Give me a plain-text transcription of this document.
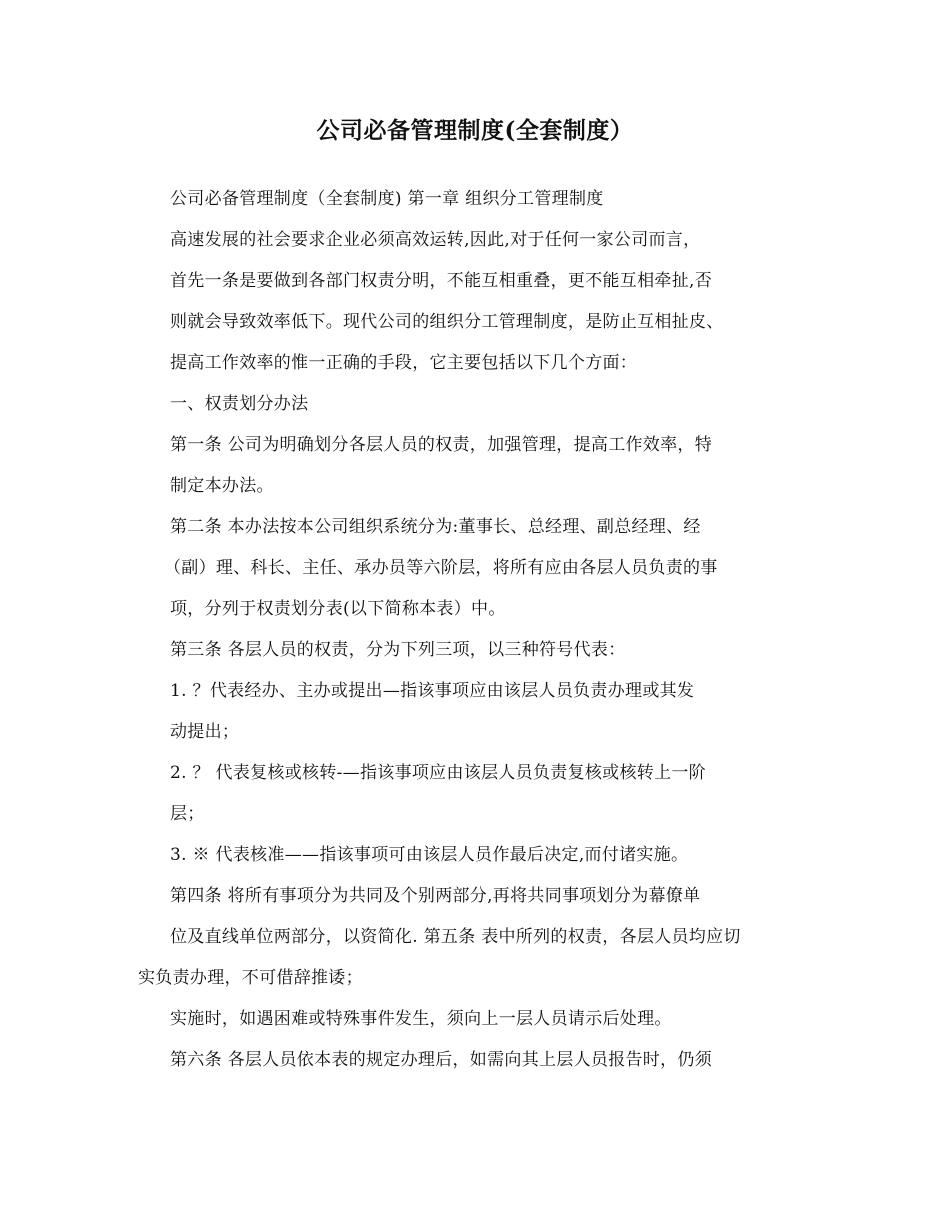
公司必备管理制度(全套制度）
公司必备管理制度（全套制度) 第一章 组织分工管理制度
高速发展的社会要求企业必须高效运转,因此,对于任何一家公司而言，
首先一条是要做到各部门权责分明，不能互相重叠，更不能互相牵扯,否
则就会导致效率低下。现代公司的组织分工管理制度，是防止互相扯皮、
提高工作效率的惟一正确的手段，它主要包括以下几个方面：
一、权责划分办法
第一条 公司为明确划分各层人员的权责，加强管理，提高工作效率，特
制定本办法。
第二条 本办法按本公司组织系统分为:董事长、总经理、副总经理、经
（副）理、科长、主任、承办员等六阶层，将所有应由各层人员负责的事
项，分列于权责划分表(以下简称本表）中。
第三条 各层人员的权责，分为下列三项，以三种符号代表：
1. ？代表经办、主办或提出—指该事项应由该层人员负责办理或其发
动提出；
2. ？ 代表复核或核转-—指该事项应由该层人员负责复核或核转上一阶
层；
3. ※ 代表核准——指该事项可由该层人员作最后决定,而付诸实施。
第四条 将所有事项分为共同及个别两部分,再将共同事项划分为幕僚单
位及直线单位两部分，以资简化. 第五条 表中所列的权责，各层人员均应切
实负责办理，不可借辞推诿；
实施时，如遇困难或特殊事件发生，须向上一层人员请示后处理。
第六条 各层人员依本表的规定办理后，如需向其上层人员报告时，仍须
